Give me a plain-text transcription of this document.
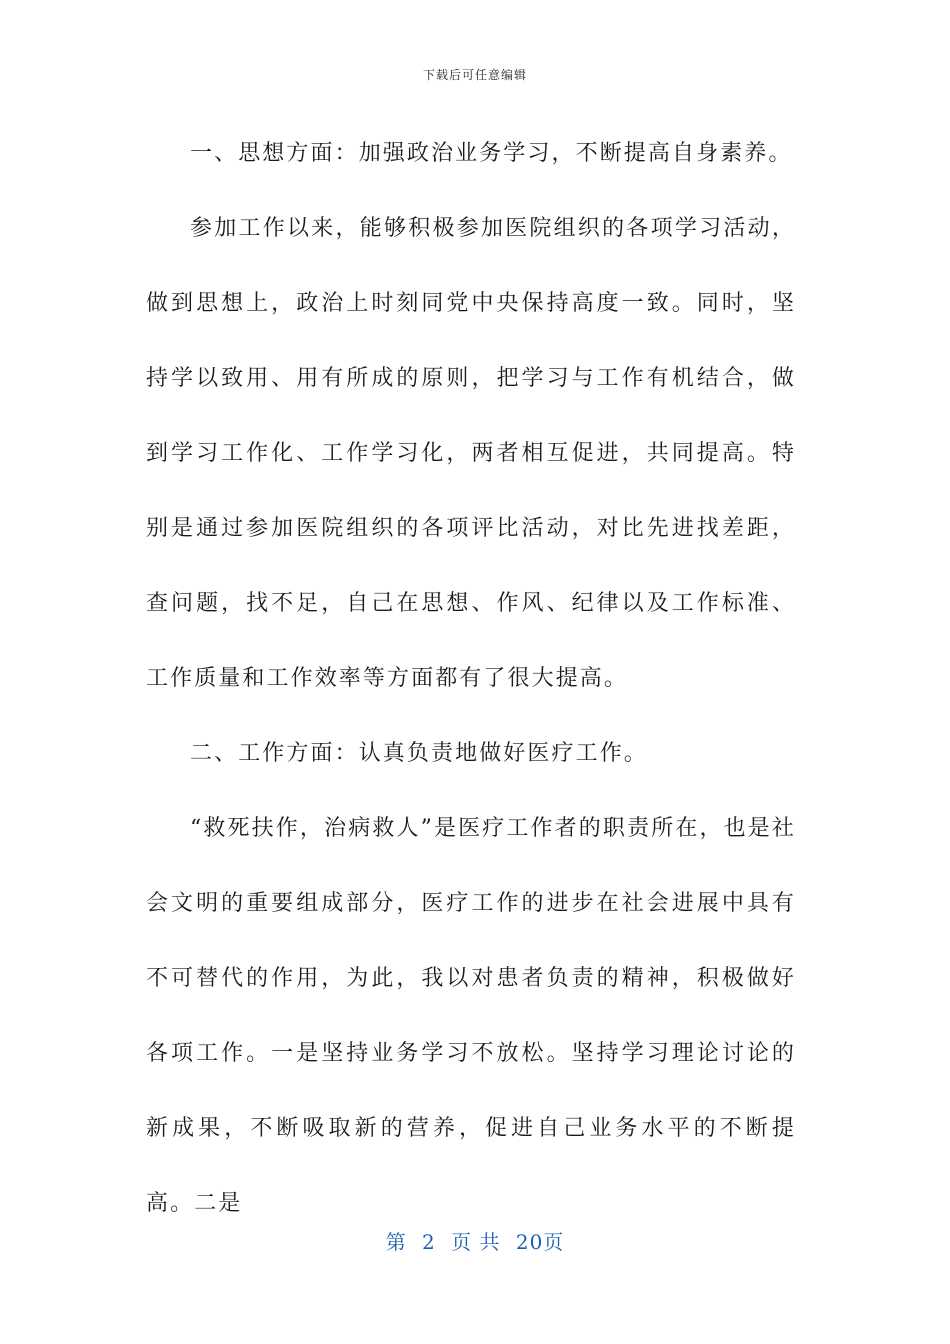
下载后可任意编辑

一、思想方面：加强政治业务学习，不断提高自身素养。

参加工作以来，能够积极参加医院组织的各项学习活动，做到思想上，政治上时刻同党中央保持高度一致。同时，坚持学以致用、用有所成的原则，把学习与工作有机结合，做到学习工作化、工作学习化，两者相互促进，共同提高。特别是通过参加医院组织的各项评比活动，对比先进找差距，查问题，找不足，自己在思想、作风、纪律以及工作标准、工作质量和工作效率等方面都有了很大提高。

二、工作方面：认真负责地做好医疗工作。

“救死扶作，治病救人”是医疗工作者的职责所在，也是社会文明的重要组成部分，医疗工作的进步在社会进展中具有不可替代的作用，为此，我以对患者负责的精神，积极做好各项工作。一是坚持业务学习不放松。坚持学习理论讨论的新成果，不断吸取新的营养，促进自己业务水平的不断提高。二是

第 2 页 共 20页
